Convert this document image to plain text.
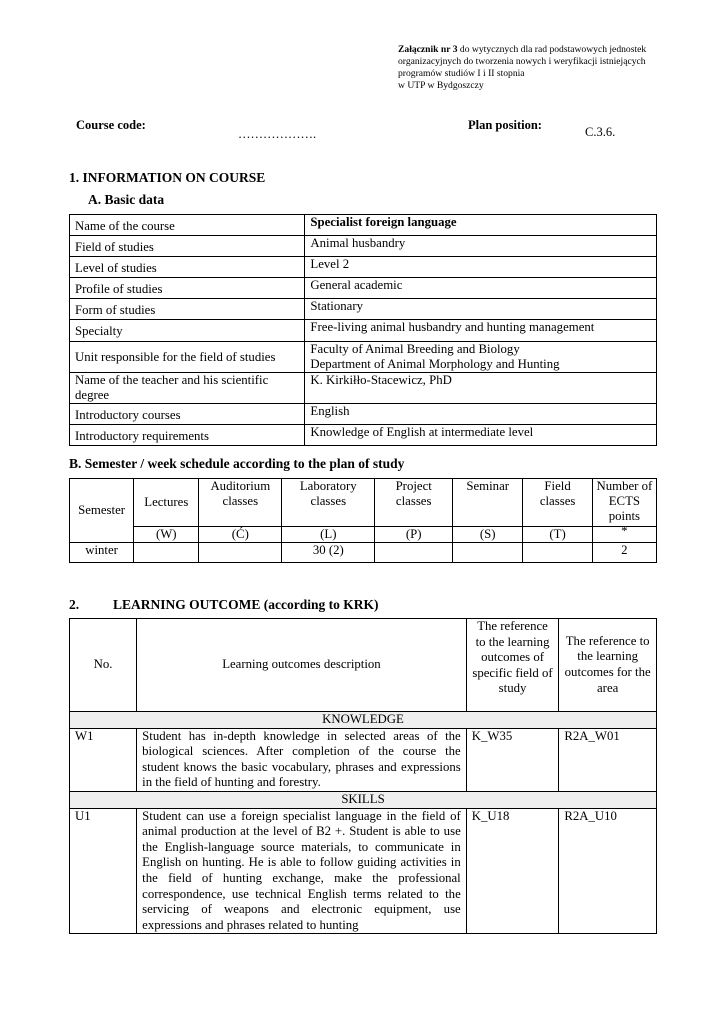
Załącznik nr 3 do wytycznych dla rad podstawowych jednostek
organizacyjnych do tworzenia nowych i weryfikacji istniejących
programów studiów I i II stopnia
w UTP w Bydgoszczy
Course code:
……………….
Plan position:	C.3.6.
1. INFORMATION ON COURSE
A. Basic data
Name of the course	Specialist foreign language
Field of studies	Animal husbandry
Level of studies	Level 2
Profile of studies	General academic
Form of studies	Stationary
Specialty	Free-living animal husbandry and hunting management
Unit responsible for the field of studies	Faculty of Animal Breeding and Biology
Department of Animal Morphology and Hunting

Name of the teacher and his scientific degree	K. Kirkiłło-Stacewicz, PhD
Introductory courses	English
Introductory requirements	Knowledge of English at intermediate level
B. Semester / week schedule according to the plan of study
Semester	Lectures	Auditorium classes	Laboratory classes	Project classes	Seminar	Field classes	Number of ECTS points
	(W)	(Ć)	(L)	(P)	(S)	(T)	*
winter			30 (2)				2
2.	LEARNING OUTCOME (according to KRK)
No.	Learning outcomes description	The reference to the learning outcomes of specific field of study	The reference to the learning outcomes for the area
KNOWLEDGE			
W1	Student has in-depth knowledge in selected areas of the biological sciences. After completion of the course the student knows the basic vocabulary, phrases and expressions in the field of hunting and forestry.	K_W35	R2A_W01
SKILLS			
U1	Student can use a foreign specialist language in the field of animal production at the level of B2 +. Student is able to use the English-language source materials, to communicate in English on hunting. He is able to follow guiding activities in the field of hunting exchange, make the professional correspondence, use technical English terms related to the servicing of weapons and electronic equipment, use expressions and phrases related to hunting	K_U18	R2A_U10
